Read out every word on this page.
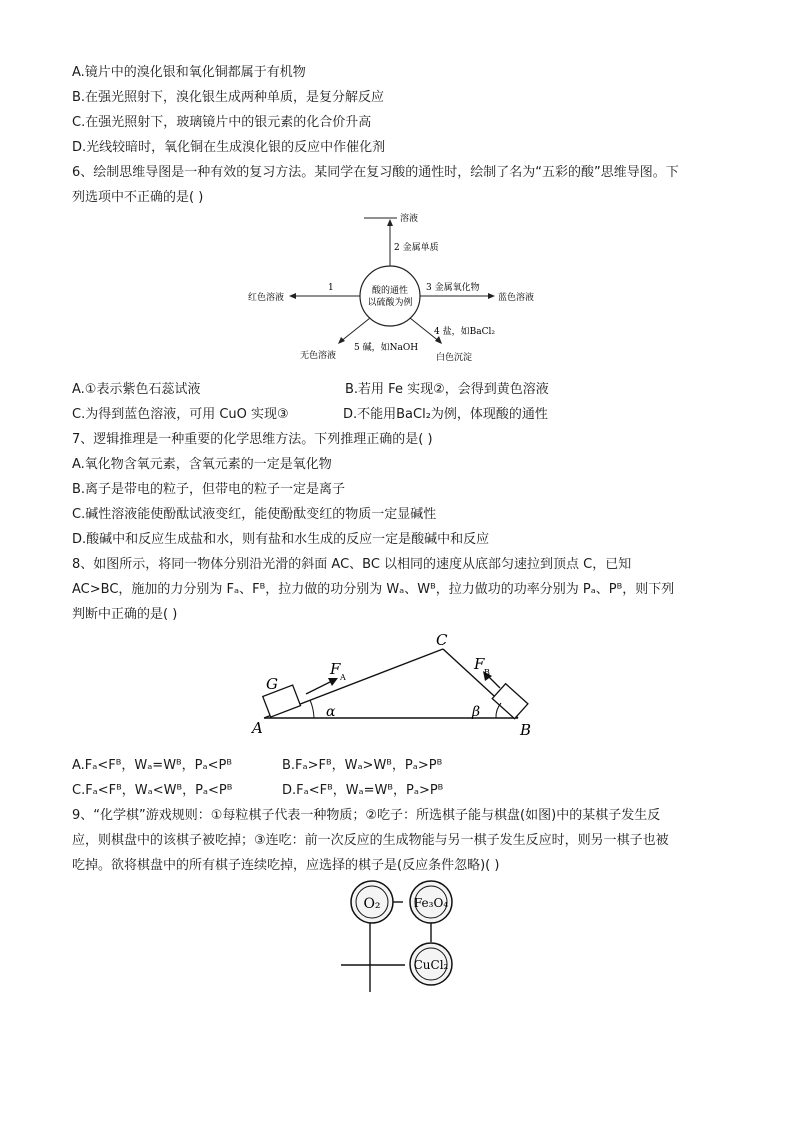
A.镜片中的溴化银和氧化铜都属于有机物
B.在强光照射下，溴化银生成两种单质，是复分解反应
C.在强光照射下，玻璃镜片中的银元素的化合价升高
D.光线较暗时，氧化铜在生成溴化银的反应中作催化剂
6、绘制思维导图是一种有效的复习方法。某同学在复习酸的通性时，绘制了名为“五彩的酸”思维导图。下
列选项中不正确的是( )
酸的通性
以硫酸为例
溶液
2 金属单质
3 金属氧化物
蓝色溶液
1
红色溶液
4 盐，如BaCl₂
白色沉淀
5 碱，如NaOH
无色溶液
A.①表示紫色石蕊试液	B.若用 Fe 实现②，会得到黄色溶液
C.为得到蓝色溶液，可用 CuO 实现③	D.不能用BaCl₂为例，体现酸的通性
7、逻辑推理是一种重要的化学思维方法。下列推理正确的是( )
A.氧化物含氧元素，含氧元素的一定是氧化物
B.离子是带电的粒子，但带电的粒子一定是离子
C.碱性溶液能使酚酞试液变红，能使酚酞变红的物质一定显碱性
D.酸碱中和反应生成盐和水，则有盐和水生成的反应一定是酸碱中和反应
8、如图所示，将同一物体分别沿光滑的斜面 AC、BC 以相同的速度从底部匀速拉到顶点 C，已知
AC>BC，施加的力分别为 Fₐ、Fᴮ，拉力做的功分别为 Wₐ、Wᴮ，拉力做功的功率分别为 Pₐ、Pᴮ，则下列
判断中正确的是( )
A	B
C
G
F A
F B
α	β
A.Fₐ<Fᴮ，Wₐ=Wᴮ，Pₐ<Pᴮ	B.Fₐ>Fᴮ，Wₐ>Wᴮ，Pₐ>Pᴮ
C.Fₐ<Fᴮ，Wₐ<Wᴮ，Pₐ<Pᴮ	D.Fₐ<Fᴮ，Wₐ=Wᴮ，Pₐ>Pᴮ
9、“化学棋”游戏规则：①每粒棋子代表一种物质；②吃子：所选棋子能与棋盘(如图)中的某棋子发生反
应，则棋盘中的该棋子被吃掉；③连吃：前一次反应的生成物能与另一棋子发生反应时，则另一棋子也被
吃掉。欲将棋盘中的所有棋子连续吃掉，应选择的棋子是(反应条件忽略)( )
O₂	Fe₃O₄
CuCl₂
